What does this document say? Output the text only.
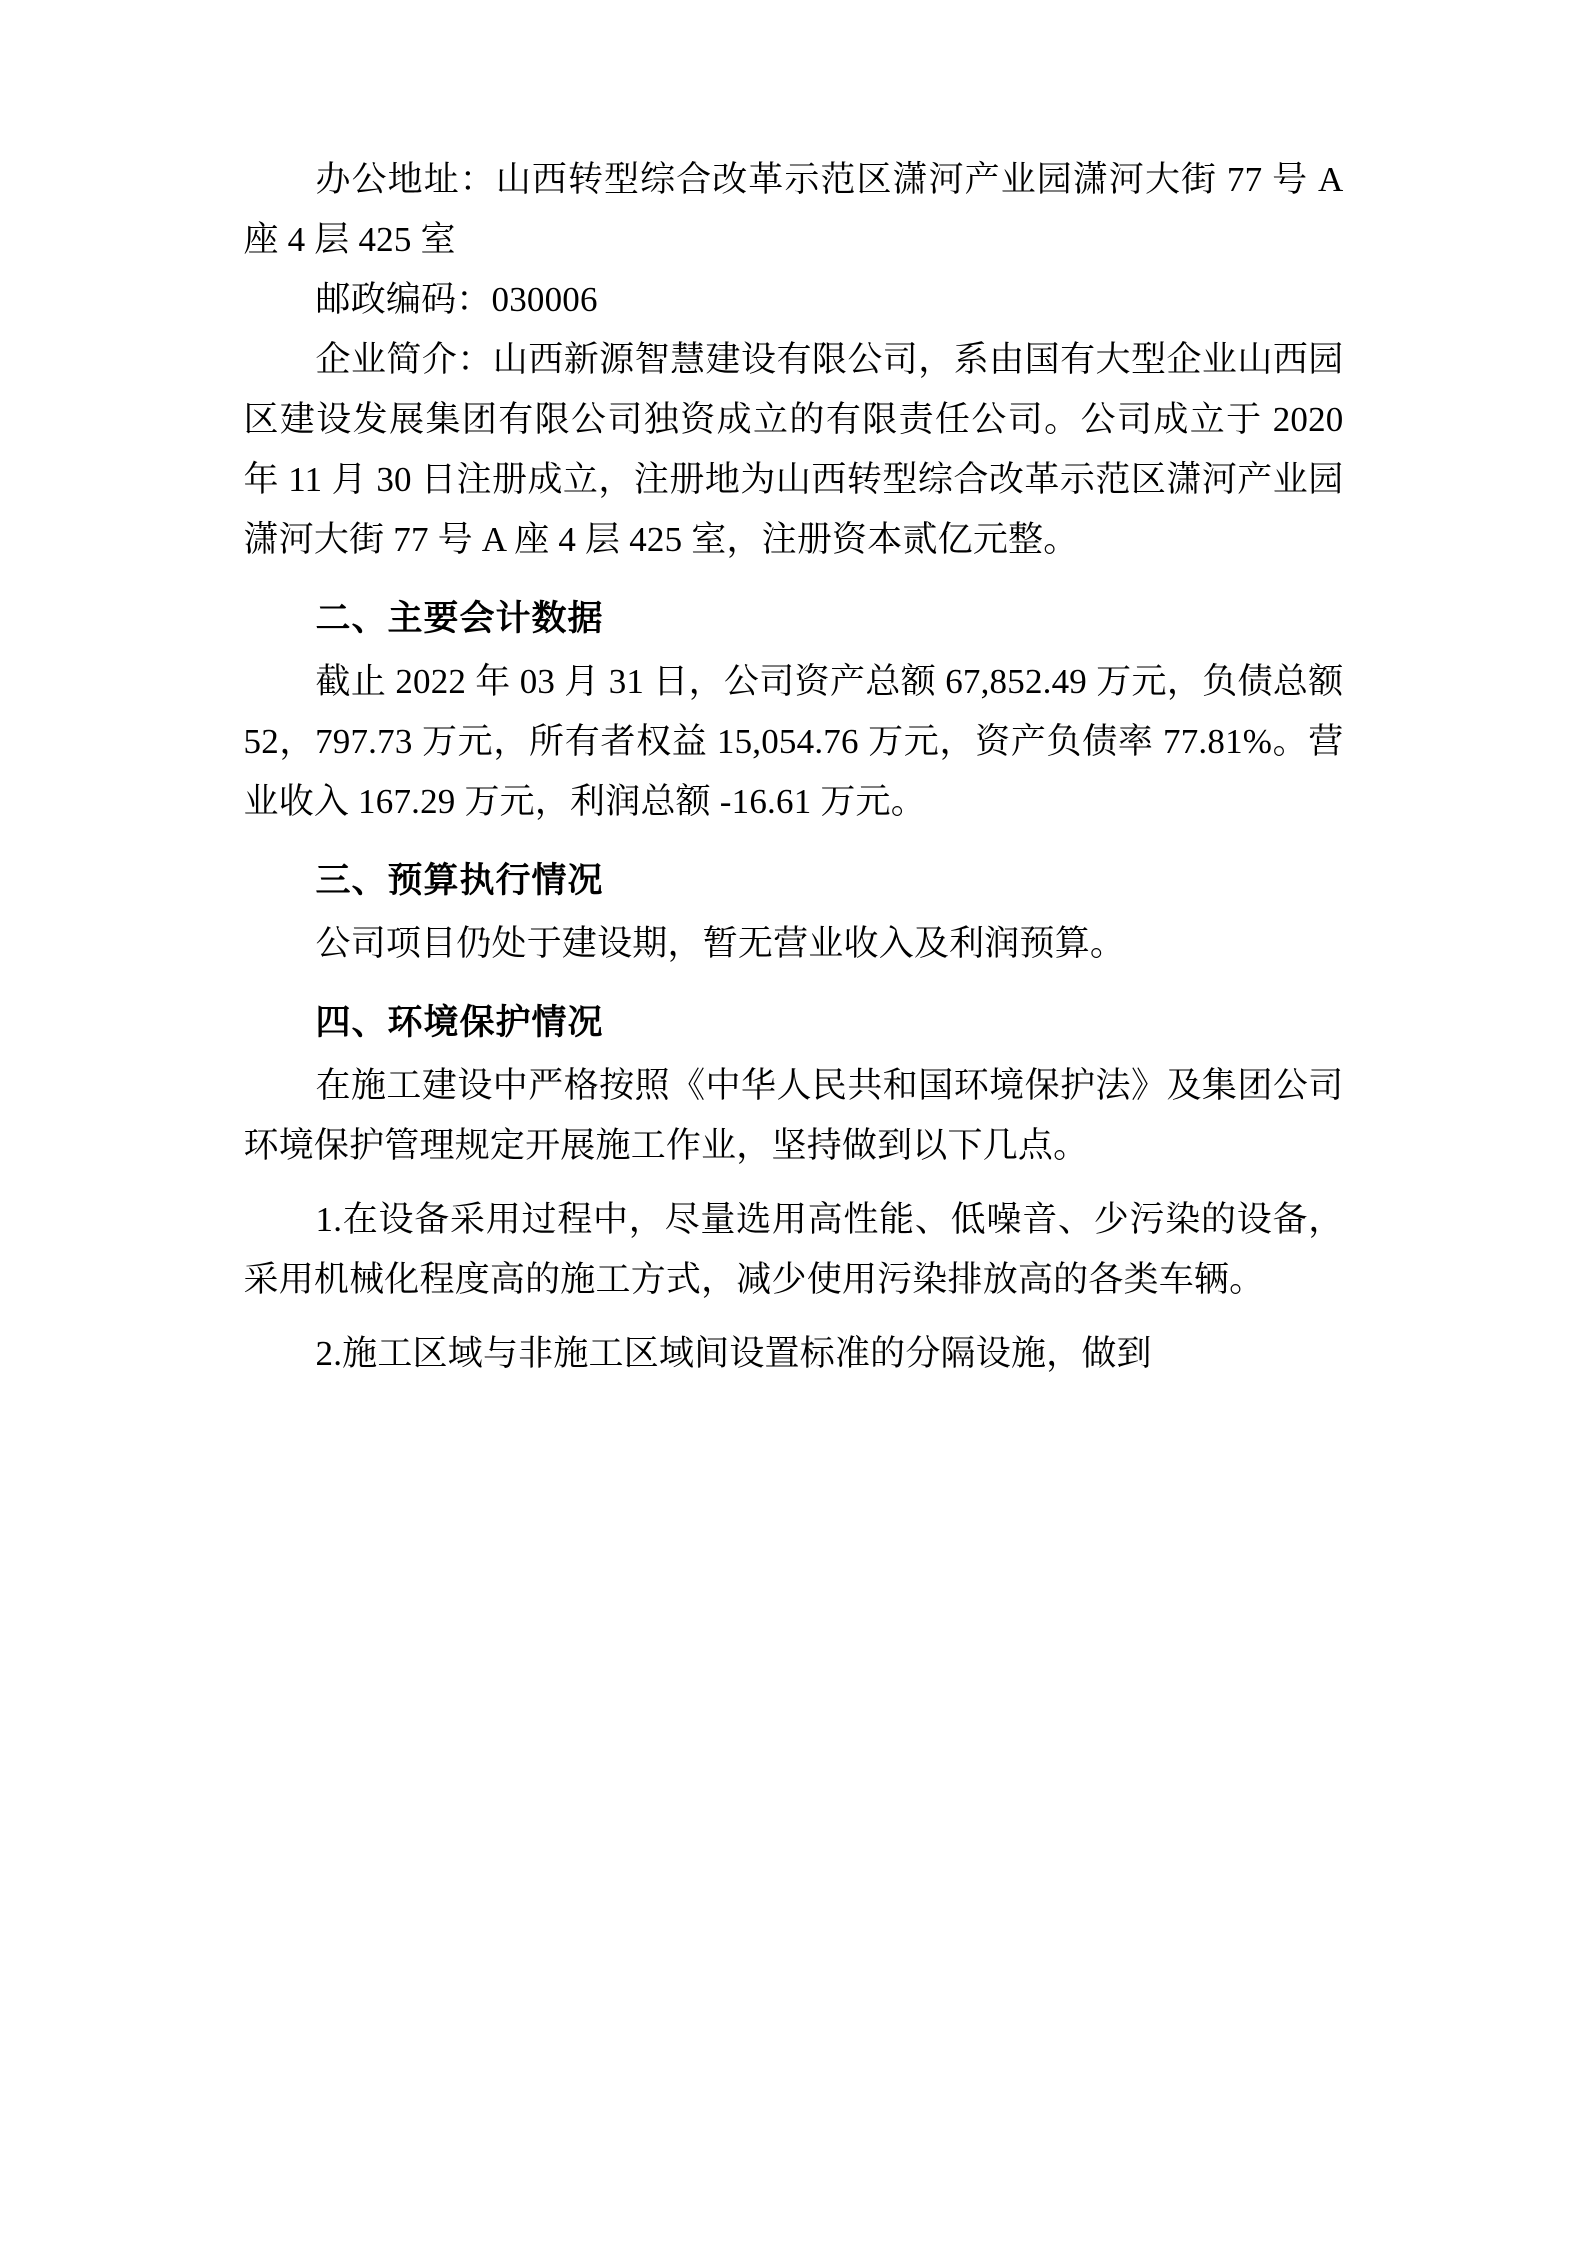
办公地址：山西转型综合改革示范区潇河产业园潇河大街 77 号 A 座 4 层 425 室

邮政编码：030006

企业简介：山西新源智慧建设有限公司，系由国有大型企业山西园区建设发展集团有限公司独资成立的有限责任公司。公司成立于 2020 年 11 月 30 日注册成立，注册地为山西转型综合改革示范区潇河产业园潇河大街 77 号 A 座 4 层 425 室，注册资本贰亿元整。

二、主要会计数据

截止 2022 年 03 月 31 日，公司资产总额 67,852.49 万元，负债总额 52，797.73 万元，所有者权益 15,054.76 万元，资产负债率 77.81%。营业收入 167.29 万元，利润总额 -16.61 万元。

三、预算执行情况

公司项目仍处于建设期，暂无营业收入及利润预算。

四、环境保护情况

在施工建设中严格按照《中华人民共和国环境保护法》及集团公司环境保护管理规定开展施工作业，坚持做到以下几点。

1.在设备采用过程中，尽量选用高性能、低噪音、少污染的设备，采用机械化程度高的施工方式，减少使用污染排放高的各类车辆。

2.施工区域与非施工区域间设置标准的分隔设施，做到
